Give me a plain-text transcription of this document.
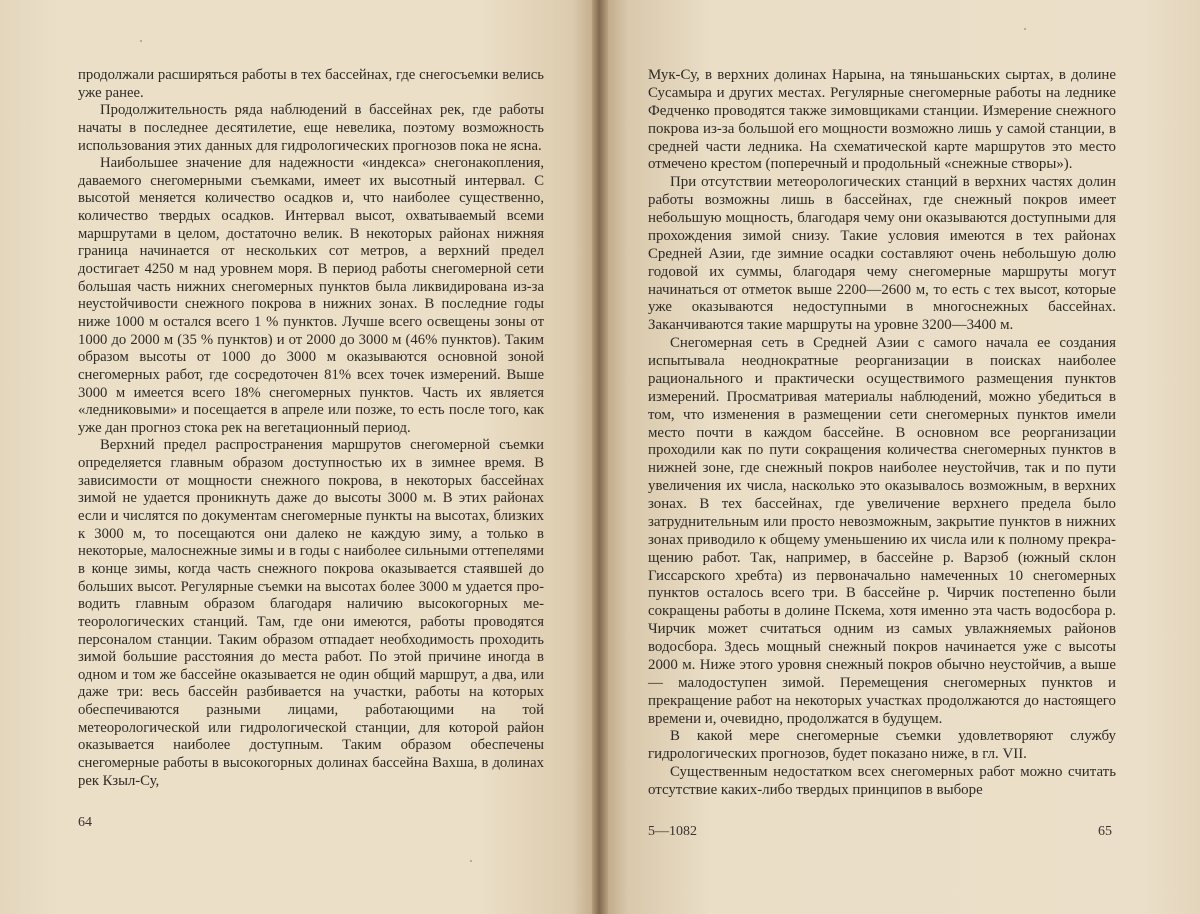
продолжали расширяться работы в тех бассейнах, где снегосъемки велись уже ранее.

Продолжительность ряда наблюдений в бассейнах рек, где работы начаты в последнее десятилетие, еще невелика, поэтому возможность использования этих данных для гидрологических прогнозов пока не ясна.

Наибольшее значение для надежности «индекса» снегонакопления, даваемого снегомерными съемками, имеет их высотный интервал. С высотой меняется количество осадков и, что наиболее существенно, количество твердых осадков. Интервал высот, охватываемый всеми маршрутами в целом, достаточно велик. В некоторых районах нижняя граница начинается от нескольких сот метров, а верхний предел достигает 4250 м над уровнем моря. В период работы снегомерной сети большая часть нижних снегомерных пунктов была ликвидирована из-за неустойчивости снежного покрова в нижних зонах. В последние годы ниже 1000 м остался всего 1 % пунктов. Лучше всего освещены зоны от 1000 до 2000 м (35 % пунктов) и от 2000 до 3000 м (46% пунктов). Таким образом высоты от 1000 до 3000 м оказываются основной зоной снегомерных работ, где сосредоточен 81% всех точек измерений. Выше 3000 м имеется всего 18% снегомерных пунктов. Часть их является «ледниковыми» и посещается в апреле или позже, то есть после того, как уже дан прогноз стока рек на вегетационный период.

Верхний предел распространения маршрутов снегомерной съемки определяется главным образом доступностью их в зимнее время. В зависимости от мощности снежного покрова, в некоторых бассейнах зимой не удается проникнуть даже до высоты 3000 м. В этих районах если и числятся по документам снегомерные пункты на высотах, близких к 3000 м, то посещаются они далеко не каждую зиму, а только в некоторые, малоснежные зимы и в годы с наиболее сильными оттепелями в конце зимы, когда часть снежного покрова оказывается стаявшей до больших высот. Регулярные съемки на высотах более 3000 м удается проводить главным образом благодаря наличию высокогорных метеорологических станций. Там, где они имеются, работы проводятся персоналом станции. Таким образом отпадает необходимость проходить зимой большие расстояния до места работ. По этой причине иногда в одном и том же бассейне оказывается не один общий маршрут, а два, или даже три: весь бассейн разбивается на участки, работы на которых обеспечиваются разными лицами, работающими на той метеорологической или гидрологической станции, для которой район оказывается наиболее доступным. Таким образом обеспечены снегомерные работы в высокогорных долинах бассейна Вахша, в долинах рек Кзыл-Су,

64

Мук-Су, в верхних долинах Нарына, на тяньшаньских сыртах, в долине Сусамыра и других местах. Регулярные снегомерные работы на леднике Федченко проводятся также зимовщиками станции. Измерение снежного покрова из-за большой его мощности возможно лишь у самой станции, в средней части ледника. На схематической карте маршрутов это место отмечено крестом (поперечный и продольный «снежные створы»).

При отсутствии метеорологических станций в верхних частях долин работы возможны лишь в бассейнах, где снежный покров имеет небольшую мощность, благодаря чему они оказываются доступными для прохождения зимой снизу. Такие условия имеются в тех районах Средней Азии, где зимние осадки составляют очень небольшую долю годовой их суммы, благодаря чему снегомерные маршруты могут начинаться от отметок выше 2200—2600 м, то есть с тех высот, которые уже оказываются недоступными в многоснежных бассейнах. Заканчиваются такие маршруты на уровне 3200—3400 м.

Снегомерная сеть в Средней Азии с самого начала ее создания испытывала неоднократные реорганизации в поисках наиболее рационального и практически осуществимого размещения пунктов измерений. Просматривая материалы наблюдений, можно убедиться в том, что изменения в размещении сети снегомерных пунктов имели место почти в каждом бассейне. В основном все реорганизации проходили как по пути сокращения количества снегомерных пунктов в нижней зоне, где снежный покров наиболее неустойчив, так и по пути увеличения их числа, насколько это оказывалось возможным, в верхних зонах. В тех бассейнах, где увеличение верхнего предела было затруднительным или просто невозможным, закрытие пунктов в нижних зонах приводило к общему уменьшению их числа или к полному прекращению работ. Так, например, в бассейне р. Варзоб (южный склон Гиссарского хребта) из первоначально намеченных 10 снегомерных пунктов осталось всего три. В бассейне р. Чирчик постепенно были сокращены работы в долине Пскема, хотя именно эта часть водосбора р. Чирчик может считаться одним из самых увлажняемых районов водосбора. Здесь мощный снежный покров начинается уже с высоты 2000 м. Ниже этого уровня снежный покров обычно неустойчив, а выше — малодоступен зимой. Перемещения снегомерных пунктов и прекращение работ на некоторых участках продолжаются до настоящего времени и, очевидно, продолжатся в будущем.

В какой мере снегомерные съемки удовлетворяют службу гидрологических прогнозов, будет показано ниже, в гл. VII.

Существенным недостатком всех снегомерных работ можно считать отсутствие каких-либо твердых принципов в выборе

5—1082	65
